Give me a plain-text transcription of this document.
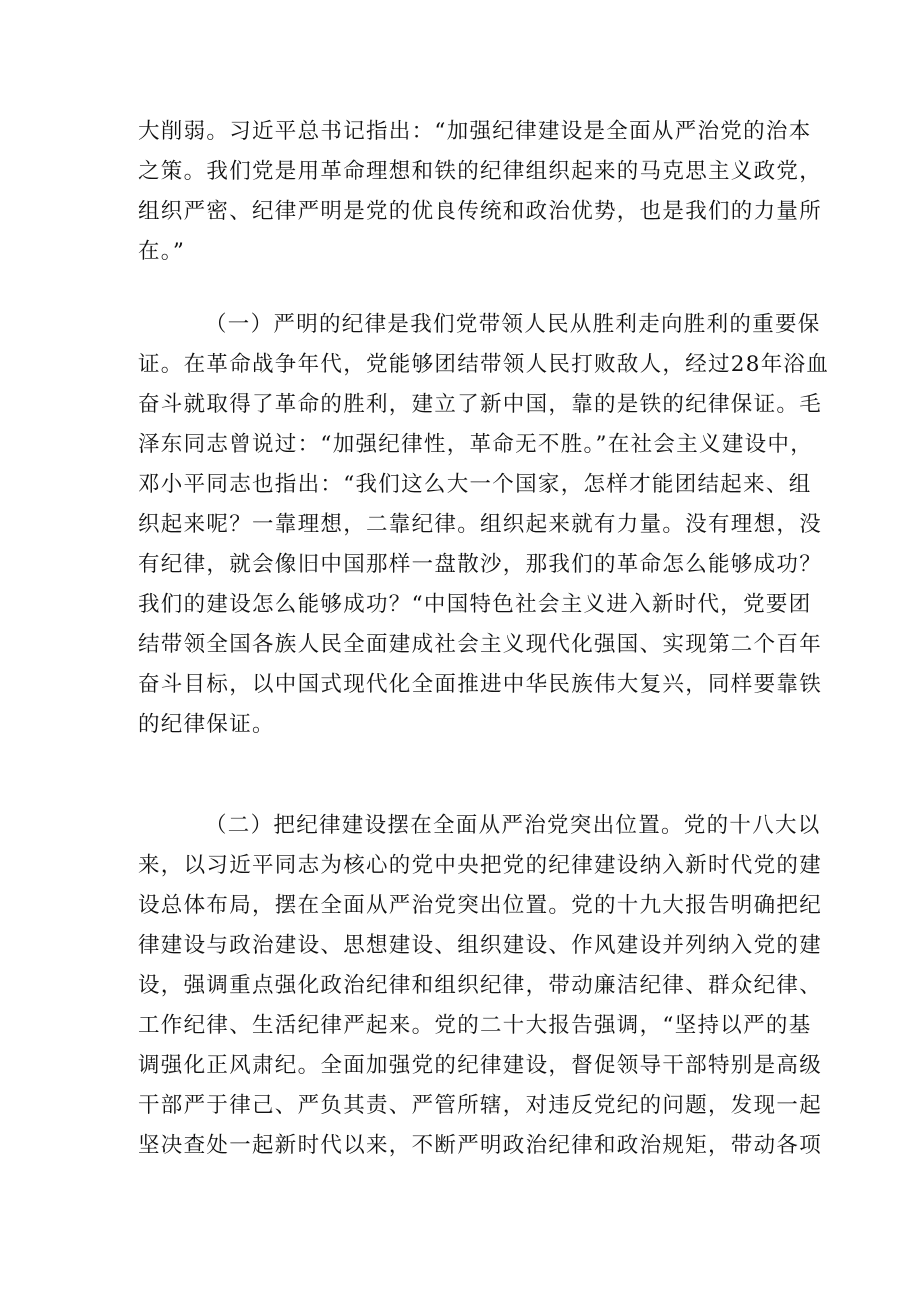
大削弱。习近平总书记指出：“加强纪律建设是全面从严治党的治本
之策。我们党是用革命理想和铁的纪律组织起来的马克思主义政党，
组织严密、纪律严明是党的优良传统和政治优势，也是我们的力量所
在。”
（一）严明的纪律是我们党带领人民从胜利走向胜利的重要保
证。在革命战争年代，党能够团结带领人民打败敌人，经过28年浴血
奋斗就取得了革命的胜利，建立了新中国，靠的是铁的纪律保证。毛
泽东同志曾说过：“加强纪律性，革命无不胜。”在社会主义建设中，
邓小平同志也指出：“我们这么大一个国家，怎样才能团结起来、组
织起来呢？一靠理想，二靠纪律。组织起来就有力量。没有理想，没
有纪律，就会像旧中国那样一盘散沙，那我们的革命怎么能够成功？
我们的建设怎么能够成功？“中国特色社会主义进入新时代，党要团
结带领全国各族人民全面建成社会主义现代化强国、实现第二个百年
奋斗目标，以中国式现代化全面推进中华民族伟大复兴，同样要靠铁
的纪律保证。
（二）把纪律建设摆在全面从严治党突出位置。党的十八大以
来，以习近平同志为核心的党中央把党的纪律建设纳入新时代党的建
设总体布局，摆在全面从严治党突出位置。党的十九大报告明确把纪
律建设与政治建设、思想建设、组织建设、作风建设并列纳入党的建
设，强调重点强化政治纪律和组织纪律，带动廉洁纪律、群众纪律、
工作纪律、生活纪律严起来。党的二十大报告强调，“坚持以严的基
调强化正风肃纪。全面加强党的纪律建设，督促领导干部特别是高级
干部严于律己、严负其责、严管所辖，对违反党纪的问题，发现一起
坚决查处一起新时代以来，不断严明政治纪律和政治规矩，带动各项
